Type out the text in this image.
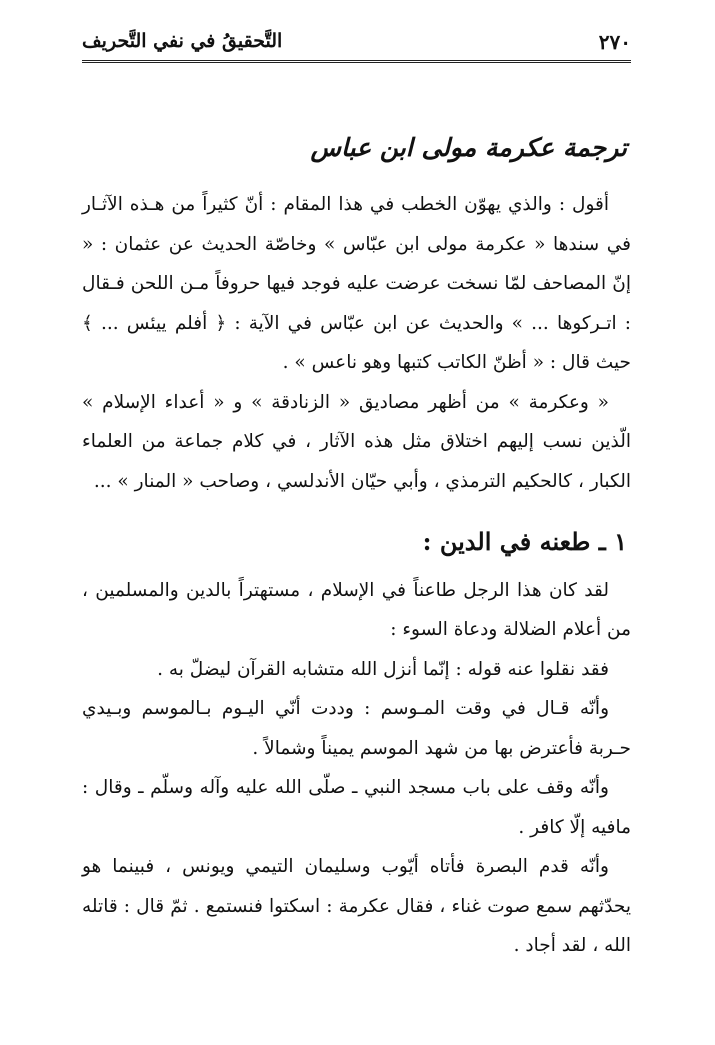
٢٧٠
التَّحقيقُ في نفي التَّحريف
ترجمة عكرمة مولى ابن عباس

أقول : والذي يهوّن الخطب في هذا المقام : أنّ كثيراً من هـذه الآثـار في سندها « عكرمة مولى ابن عبّاس » وخاصّة الحديث عن عثمان : « إنّ المصاحف لمّا نسخت عرضت عليه فوجد فيها حروفاً مـن اللحن فـقال : اتـركوها ... » والحديث عن ابن عبّاس في الآية : ﴿ أفلم ييئس ... ﴾ حيث قال : « أظنّ الكاتب كتبها وهو ناعس » .

« وعكرمة » من أظهر مصاديق « الزنادقة » و « أعداء الإسلام » الّذين نسب إليهم اختلاق مثل هذه الآثار ، في كلام جماعة من العلماء الكبار ، كالحكيم الترمذي ، وأبي حيّان الأندلسي ، وصاحب « المنار » ...

١ ـ طعنه في الدين :

لقد كان هذا الرجل طاعناً في الإسلام ، مستهتراً بالدين والمسلمين ، من أعلام الضلالة ودعاة السوء :

فقد نقلوا عنه قوله : إنّما أنزل الله متشابه القرآن ليضلّ به .

وأنّه قـال في وقت المـوسم : وددت أنّي اليـوم بـالموسم وبـيدي حـربة فأعترض بها من شهد الموسم يميناً وشمالاً .

وأنّه وقف على باب مسجد النبي ـ صلّى الله عليه وآله وسلّم ـ وقال : مافيه إلّا كافر .

وأنّه قدم البصرة فأتاه أيّوب وسليمان التيمي ويونس ، فبينما هو يحدّثهم سمع صوت غناء ، فقال عكرمة : اسكتوا فنستمع . ثمّ قال : قاتله الله ، لقد أجاد .
